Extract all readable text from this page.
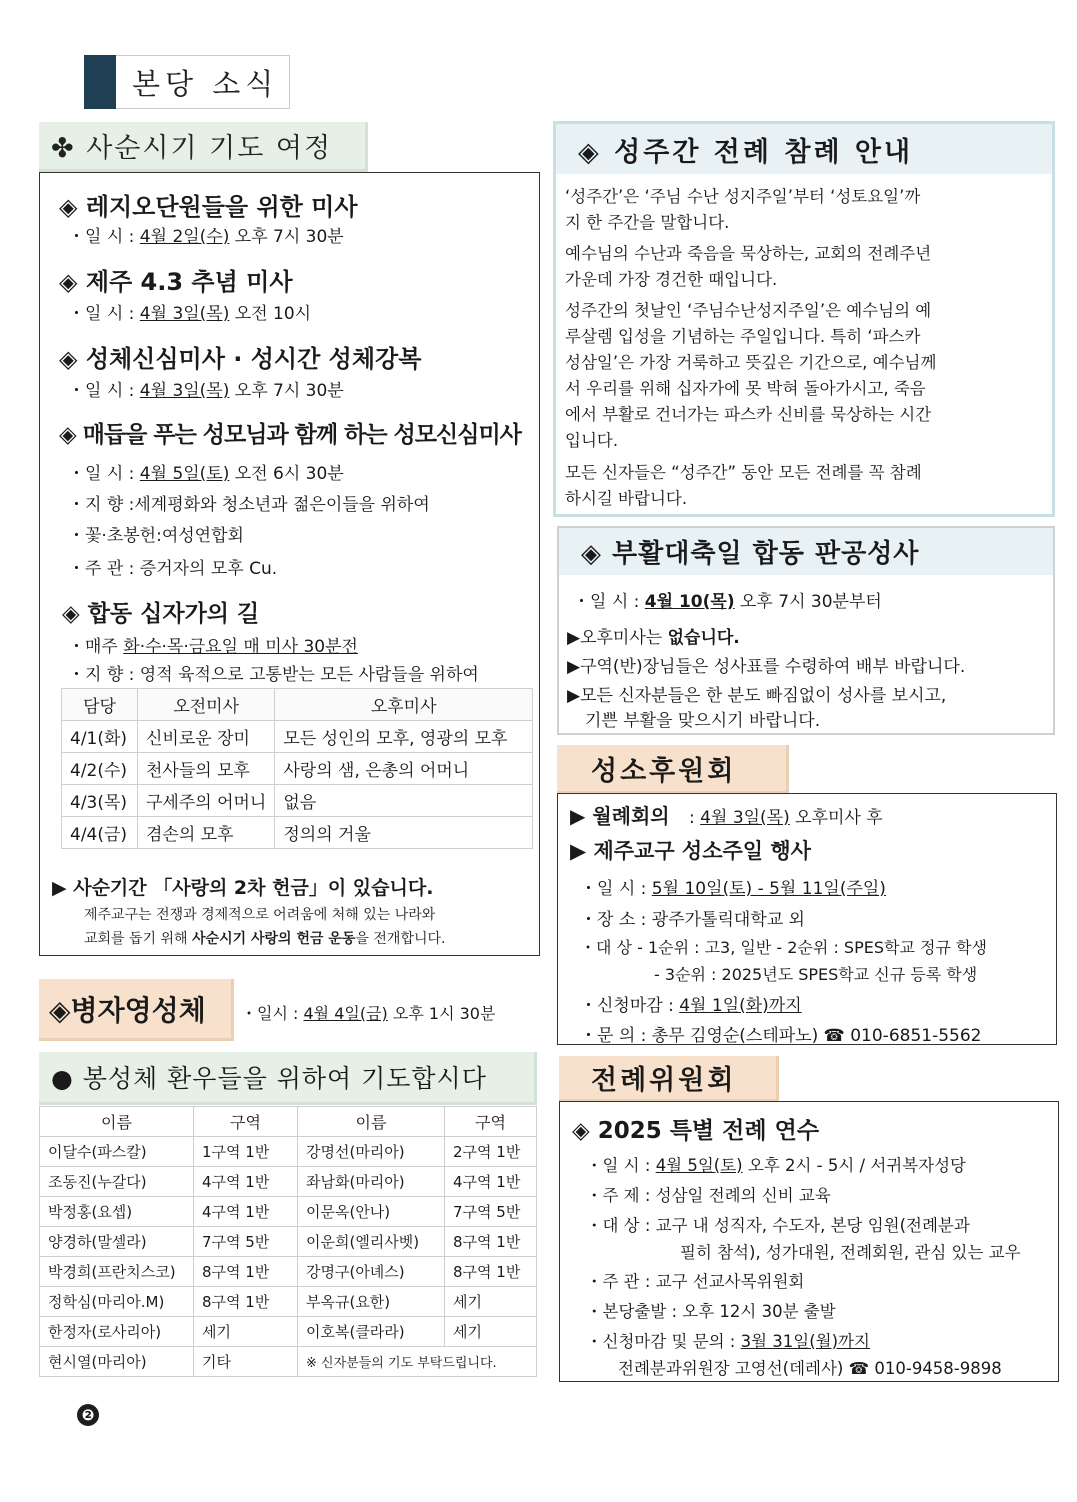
본당 소식
✤ 사순시기 기도 여정
◈ 레지오단원들을 위한 미사
・일 시 : 4월 2일(수) 오후 7시 30분
◈ 제주 4.3 추념 미사
・일 시 : 4월 3일(목) 오전 10시
◈ 성체신심미사 · 성시간 성체강복
・일 시 : 4월 3일(목) 오후 7시 30분
◈ 매듭을 푸는 성모님과 함께 하는 성모신심미사
・일 시 : 4월 5일(토) 오전 6시 30분
・지 향 :세계평화와 청소년과 젊은이들을 위하여
・꽃·초봉헌:여성연합회
・주 관 : 증거자의 모후 Cu.
◈ 합동 십자가의 길
・매주 화·수·목·금요일 매 미사 30분전
・지 향 : 영적 육적으로 고통받는 모든 사람들을 위하여
담당	오전미사	오후미사
4/1(화)	신비로운 장미	모든 성인의 모후, 영광의 모후
4/2(수)	천사들의 모후	사랑의 샘, 은총의 어머니
4/3(목)	구세주의 어머니	없음
4/4(금)	겸손의 모후	정의의 거울
▶ 사순기간 「사랑의 2차 헌금」이 있습니다.
제주교구는 전쟁과 경제적으로 어려움에 처해 있는 나라와
교회를 돕기 위해 사순시기 사랑의 헌금 운동을 전개합니다.
◈병자영성체 ・일시 : 4월 4일(금) 오후 1시 30분
● 봉성체 환우들을 위하여 기도합시다
이름	구역	이름	구역
이달수(파스칼)	1구역 1반	강명선(마리아)	2구역 1반
조동진(누갈다)	4구역 1반	좌남화(마리아)	4구역 1반
박정홍(요셉)	4구역 1반	이문옥(안나)	7구역 5반
양경하(말셀라)	7구역 5반	이운희(엘리사벳)	8구역 1반
박경희(프란치스코)	8구역 1반	강명구(아녜스)	8구역 1반
정학심(마리아.M)	8구역 1반	부옥규(요한)	세기
한정자(로사리아)	세기	이호복(클라라)	세기
현시열(마리아)	기타	※ 신자분들의 기도 부탁드립니다.	
❷
◈ 성주간 전례 참례 안내
‘성주간’은 ‘주님 수난 성지주일’부터 ‘성토요일’까
지 한 주간을 말합니다.
예수님의 수난과 죽음을 묵상하는, 교회의 전례주년
가운데 가장 경건한 때입니다.
성주간의 첫날인 ‘주님수난성지주일’은 예수님의 예
루살렘 입성을 기념하는 주일입니다. 특히 ‘파스카
성삼일’은 가장 거룩하고 뜻깊은 기간으로, 예수님께
서 우리를 위해 십자가에 못 박혀 돌아가시고, 죽음
에서 부활로 건너가는 파스카 신비를 묵상하는 시간
입니다.
모든 신자들은 “성주간” 동안 모든 전례를 꼭 참례
하시길 바랍니다.
◈ 부활대축일 합동 판공성사
・일 시 : 4월 10(목) 오후 7시 30분부터
▶오후미사는 없습니다.
▶구역(반)장님들은 성사표를 수령하여 배부 바랍니다.
▶모든 신자분들은 한 분도 빠짐없이 성사를 보시고,
기쁜 부활을 맞으시기 바랍니다.
성소후원회
▶ 월례회의 : 4월 3일(목) 오후미사 후
▶ 제주교구 성소주일 행사
・일 시 : 5월 10일(토) - 5월 11일(주일)
・장 소 : 광주가톨릭대학교 외
・대 상 - 1순위 : 고3, 일반 - 2순위 : SPES학교 정규 학생
- 3순위 : 2025년도 SPES학교 신규 등록 학생
・신청마감 : 4월 1일(화)까지
・문 의 : 총무 김영순(스테파노) ☎ 010-6851-5562
전례위원회
◈ 2025 특별 전례 연수
・일 시 : 4월 5일(토) 오후 2시 - 5시 / 서귀복자성당
・주 제 : 성삼일 전례의 신비 교육
・대 상 : 교구 내 성직자, 수도자, 본당 임원(전례분과
필히 참석), 성가대원, 전례회원, 관심 있는 교우
・주 관 : 교구 선교사목위원회
・본당출발 : 오후 12시 30분 출발
・신청마감 및 문의 : 3월 31일(월)까지
전례분과위원장 고영선(데레사) ☎ 010-9458-9898
